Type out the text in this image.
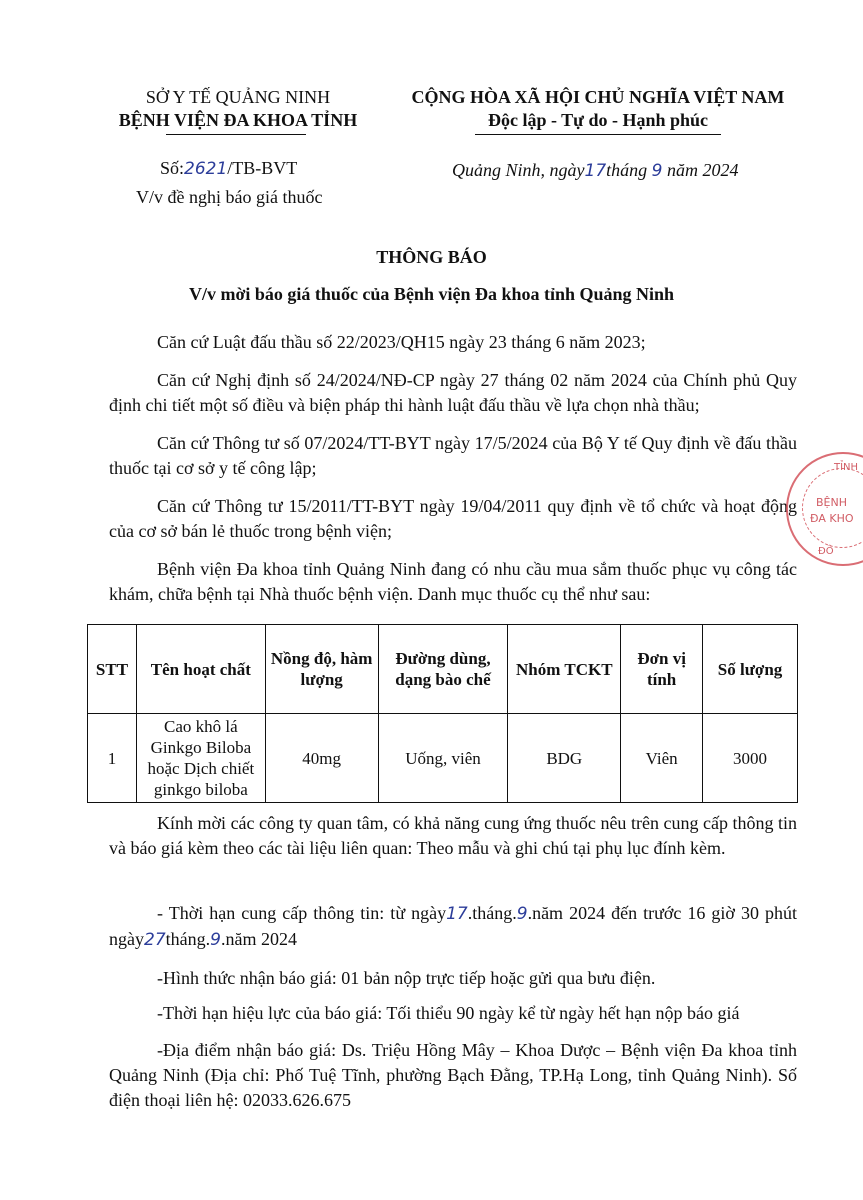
SỞ Y TẾ QUẢNG NINH
BỆNH VIỆN ĐA KHOA TỈNH
Số:2621/TB-BVT
V/v đề nghị báo giá thuốc
CỘNG HÒA XÃ HỘI CHỦ NGHĨA VIỆT NAM
Độc lập - Tự do - Hạnh phúc
Quảng Ninh, ngày17tháng 9 năm 2024
THÔNG BÁO
V/v mời báo giá thuốc của Bệnh viện Đa khoa tỉnh Quảng Ninh
Căn cứ Luật đấu thầu số 22/2023/QH15 ngày 23 tháng 6 năm 2023;
Căn cứ Nghị định số 24/2024/NĐ-CP ngày 27 tháng 02 năm 2024 của Chính phủ Quy định chi tiết một số điều và biện pháp thi hành luật đấu thầu về lựa chọn nhà thầu;
Căn cứ Thông tư số 07/2024/TT-BYT ngày 17/5/2024 của Bộ Y tế Quy định về đấu thầu thuốc tại cơ sở y tế công lập;
Căn cứ Thông tư 15/2011/TT-BYT ngày 19/04/2011 quy định về tổ chức và hoạt động của cơ sở bán lẻ thuốc trong bệnh viện;
Bệnh viện Đa khoa tỉnh Quảng Ninh đang có nhu cầu mua sắm thuốc phục vụ công tác khám, chữa bệnh tại Nhà thuốc bệnh viện. Danh mục thuốc cụ thể như sau:
STT	Tên hoạt chất	Nồng độ, hàm lượng	Đường dùng, dạng bào chế	Nhóm TCKT	Đơn vị tính	Số lượng
1	Cao khô lá Ginkgo Biloba hoặc Dịch chiết ginkgo biloba	40mg	Uống, viên	BDG	Viên	3000
Kính mời các công ty quan tâm, có khả năng cung ứng thuốc nêu trên cung cấp thông tin và báo giá kèm theo các tài liệu liên quan: Theo mẫu và ghi chú tại phụ lục đính kèm.
- Thời hạn cung cấp thông tin: từ ngày17.tháng.9.năm 2024 đến trước 16 giờ 30 phút ngày27tháng.9.năm 2024
-Hình thức nhận báo giá: 01 bản nộp trực tiếp hoặc gửi qua bưu điện.
-Thời hạn hiệu lực của báo giá: Tối thiểu 90 ngày kể từ ngày hết hạn nộp báo giá
-Địa điểm nhận báo giá: Ds. Triệu Hồng Mây – Khoa Dược – Bệnh viện Đa khoa tỉnh Quảng Ninh (Địa chỉ: Phố Tuệ Tĩnh, phường Bạch Đằng, TP.Hạ Long, tỉnh Quảng Ninh). Số điện thoại liên hệ: 02033.626.675
TỈNH
BỆNH
ĐA KHO
ĐÔ
